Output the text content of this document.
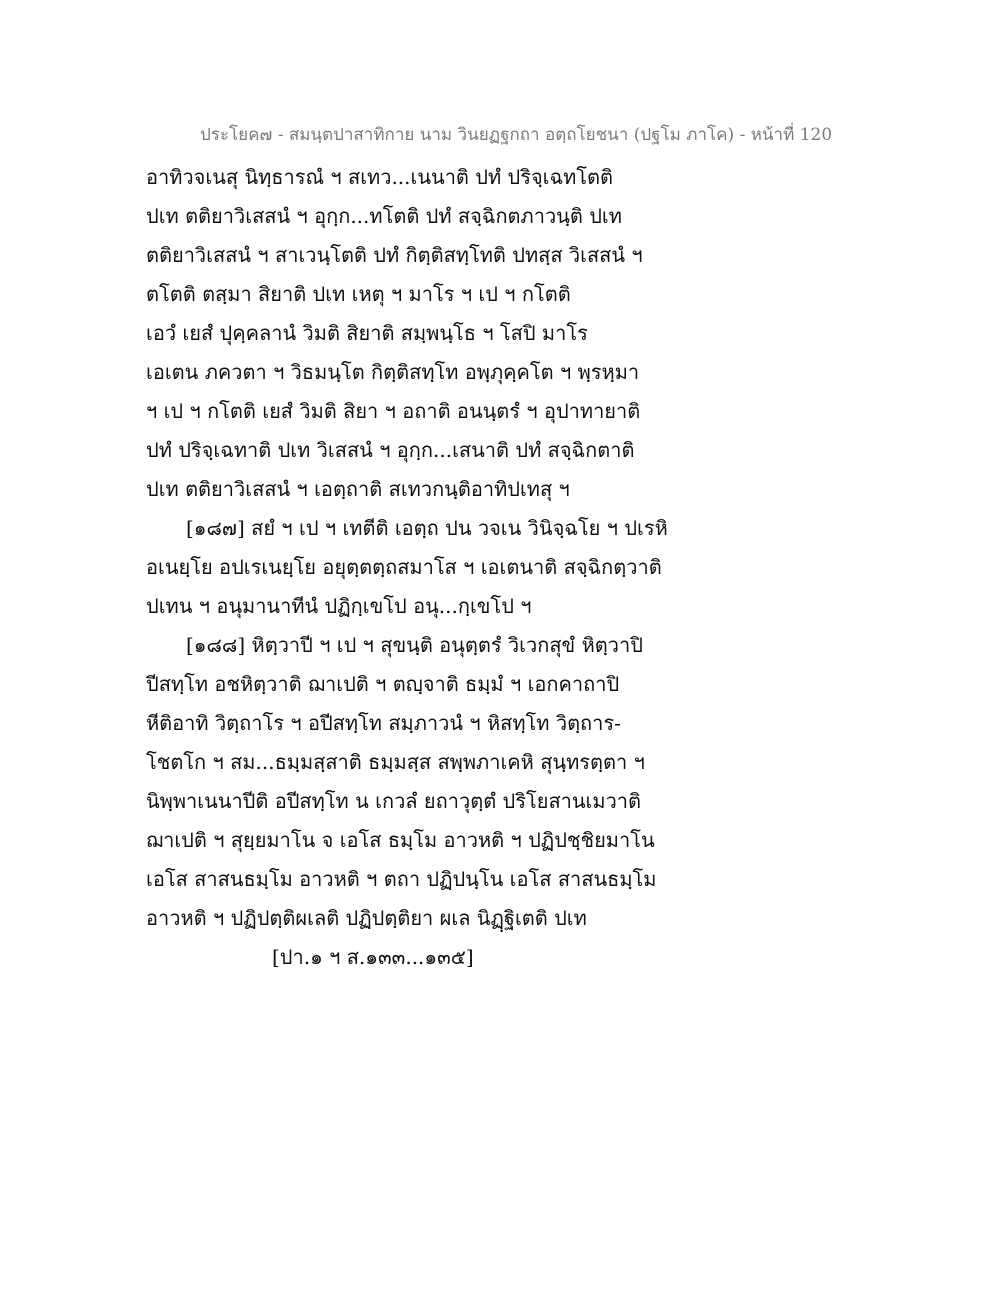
ประโยค๗ - สมนฺตปาสาทิกาย นาม วินยฏฐกถา อตฺถโยชนา (ปฐโม ภาโค) - หน้าที่ 120
อาทิวจเนสุ นิทฺธารณํ ฯ สเทว...เนนาติ ปทํ ปริจฺเฉทโตติ
ปเท ตติยาวิเสสนํ ฯ อุกฺก...ทโตติ ปทํ สจฺฉิกตภาวนฺติ ปเท
ตติยาวิเสสนํ ฯ สาเวนฺโตติ ปทํ กิตฺติสทฺโทติ ปทสฺส วิเสสนํ ฯ
ตโตติ ตสฺมา สิยาติ ปเท เหตุ ฯ มาโร ฯ เป ฯ กโตติ
เอวํ เยสํ ปุคฺคลานํ วิมติ สิยาติ สมฺพนฺโธ ฯ โสปิ มาโร
เอเตน ภควตา ฯ วิธมนฺโต กิตฺติสทฺโท อพฺภุคฺคโต ฯ พฺรหฺมา
ฯ เป ฯ กโตติ เยสํ วิมติ สิยา ฯ อถาติ อนนฺตรํ ฯ อุปาทายาติ
ปทํ ปริจฺเฉทาติ ปเท วิเสสนํ ฯ อุกฺก...เสนาติ ปทํ สจฺฉิกตาติ
ปเท ตติยาวิเสสนํ ฯ เอตฺถาติ สเทวกนฺติอาทิปเทสุ ฯ
[๑๘๗] สยํ ฯ เป ฯ เทตีติ เอตฺถ ปน วจเน วินิจฺฉโย ฯ ปเรหิ
อเนยฺโย อปเรเนยฺโย อยุตฺตตฺถสมาโส ฯ เอเตนาติ สจฺฉิกตฺวาติ
ปเทน ฯ อนุมานาทีนํ ปฏิกฺเขโป อนุ...กฺเขโป ฯ
[๑๘๘] หิตฺวาปี ฯ เป ฯ สุขนฺติ อนุตฺตรํ วิเวกสุขํ หิตฺวาปิ
ปีสทฺโท อชหิตฺวาติ ฌาเปติ ฯ ตญฺจาติ ธมฺมํ ฯ เอกคาถาปิ
หีติอาทิ วิตฺถาโร ฯ อปีสทฺโท สมฺภาวนํ ฯ หิสทฺโท วิตฺถาร-
โชตโก ฯ สม...ธมฺมสฺสาติ ธมฺมสฺส สพฺพภาเคหิ สุนฺทรตฺตา ฯ
นิพฺพาเนนาปีติ อปีสทฺโท น เกวลํ ยถาวุตฺตํ ปริโยสานเมวาติ
ฌาเปติ ฯ สุยฺยมาโน จ เอโส ธมฺโม อาวหติ ฯ ปฏิปชฺชิยมาโน
เอโส สาสนธมฺโม อาวหติ ฯ ตถา ปฏิปนฺโน เอโส สาสนธมฺโม
อาวหติ ฯ ปฏิปตฺติผเลติ ปฏิปตฺติยา ผเล นิฏฺฐิเตติ ปเท
[ปา.๑ ฯ ส.๑๓๓...๑๓๕]
